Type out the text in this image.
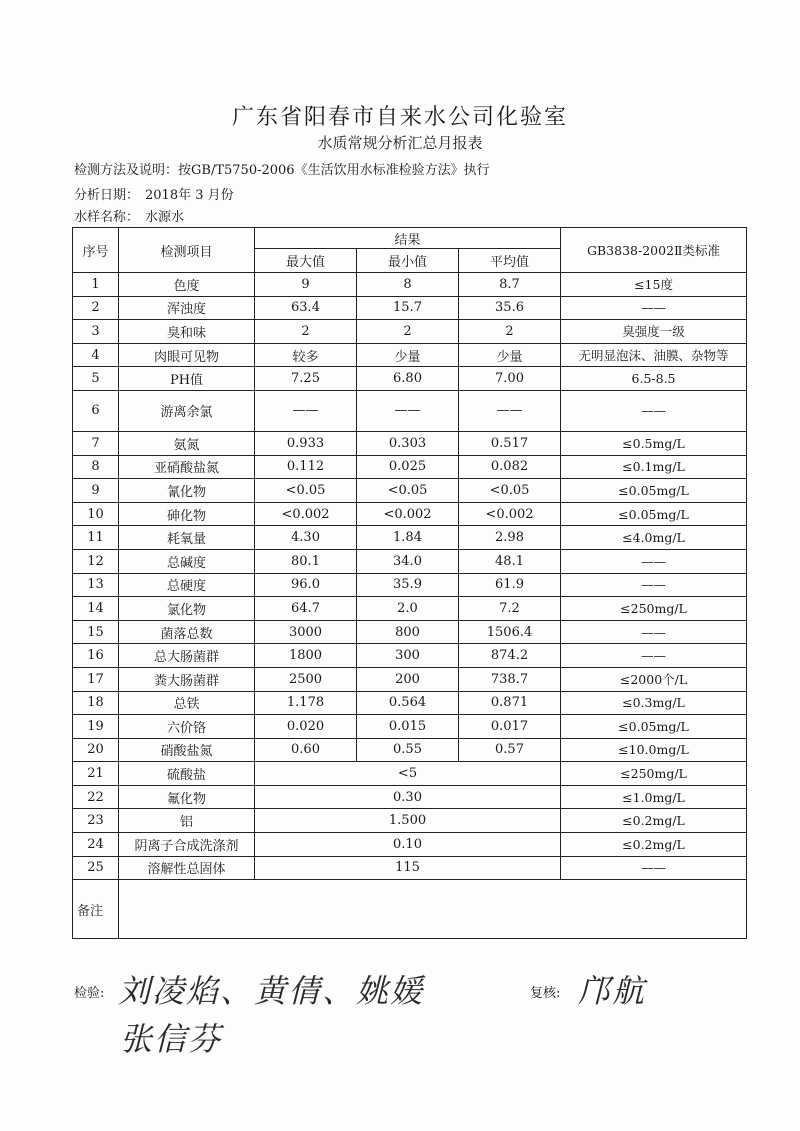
广东省阳春市自来水公司化验室
水质常规分析汇总月报表
检测方法及说明：按GB/T5750-2006《生活饮用水标准检验方法》执行
分析日期： 2018年 3 月份
水样名称： 水源水
序号	检测项目	结果			GB3838-2002Ⅱ类标准
		最大值	最小值	平均值	
1	色度	9	8	8.7	≤15度
2	浑浊度	63.4	15.7	35.6	——
3	臭和味	2	2	2	臭强度一级
4	肉眼可见物	较多	少量	少量	无明显泡沫、油膜、杂物等
5	PH值	7.25	6.80	7.00	6.5-8.5
6	游离余氯	——	——	——	——
7	氨氮	0.933	0.303	0.517	≤0.5mg/L
8	亚硝酸盐氮	0.112	0.025	0.082	≤0.1mg/L
9	氰化物	<0.05	<0.05	<0.05	≤0.05mg/L
10	砷化物	<0.002	<0.002	<0.002	≤0.05mg/L
11	耗氧量	4.30	1.84	2.98	≤4.0mg/L
12	总碱度	80.1	34.0	48.1	——
13	总硬度	96.0	35.9	61.9	——
14	氯化物	64.7	2.0	7.2	≤250mg/L
15	菌落总数	3000	800	1506.4	——
16	总大肠菌群	1800	300	874.2	——
17	粪大肠菌群	2500	200	738.7	≤2000个/L
18	总铁	1.178	0.564	0.871	≤0.3mg/L
19	六价铬	0.020	0.015	0.017	≤0.05mg/L
20	硝酸盐氮	0.60	0.55	0.57	≤10.0mg/L
21	硫酸盐	<5			≤250mg/L
22	氟化物	0.30			≤1.0mg/L
23	铝	1.500			≤0.2mg/L
24	阴离子合成洗涤剂	0.10			≤0.2mg/L
25	溶解性总固体	115			——
备注					
检验: 刘凌焰、黄倩、姚媛
张信芬
复核: 邝航
